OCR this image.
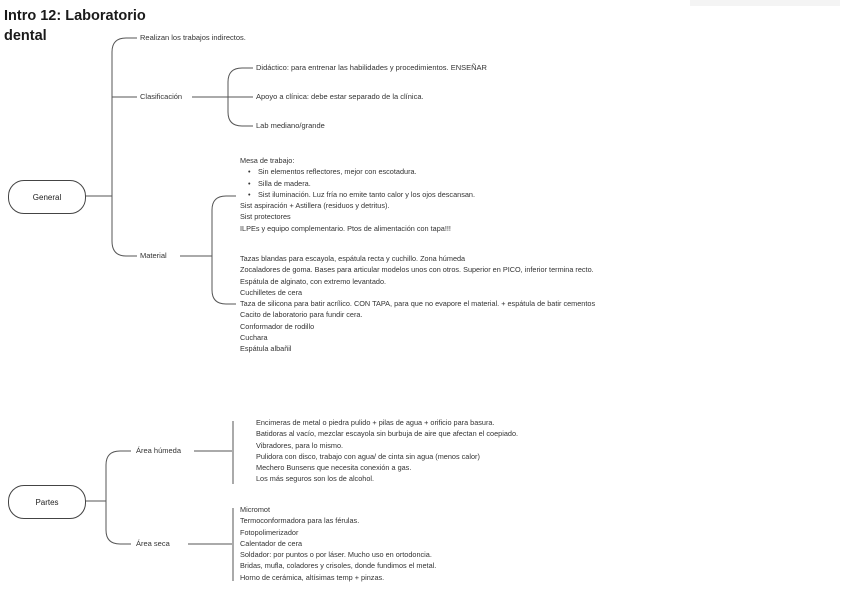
Intro 12: Laboratorio
dental
General
Partes
Realizan los trabajos indirectos.
Clasificación
Didáctico: para entrenar las habilidades y procedimientos. ENSEÑAR
Apoyo a clínica: debe estar separado de la clínica.
Lab mediano/grande
Material
Mesa de trabajo:
• Sin elementos reflectores, mejor con escotadura.
• Silla de madera.
• Sist iluminación. Luz fría no emite tanto calor y los ojos descansan.
Sist aspiración + Astillera (residuos y detritus).
Sist protectores
ILPEs y equipo complementario. Ptos de alimentación con tapa!!!
Tazas blandas para escayola, espátula recta y cuchillo. Zona húmeda
Zocaladores de goma. Bases para articular modelos unos con otros. Superior en PICO, inferior termina recto.
Espátula de alginato, con extremo levantado.
Cuchilletes de cera
Taza de silicona para batir acrílico. CON TAPA, para que no evapore el material. + espátula de batir cementos
Cacito de laboratorio para fundir cera.
Conformador de rodillo
Cuchara
Espátula albañil
Área húmeda
Área seca
Encimeras de metal o piedra pulido + pilas de agua + orificio para basura.
Batidoras al vacío, mezclar escayola sin burbuja de aire que afectan el coepiado.
Vibradores, para lo mismo.
Pulidora con disco, trabajo con agua/ de cinta sin agua (menos calor)
Mechero Bunsens que necesita conexión a gas.
Los más seguros son los de alcohol.
Micromot
Termoconformadora para las férulas.
Fotopolimerizador
Calentador de cera
Soldador: por puntos o por láser. Mucho uso en ortodoncia.
Bridas, mufla, coladores y crisoles, donde fundimos el metal.
Horno de cerámica, altísimas temp + pinzas.
